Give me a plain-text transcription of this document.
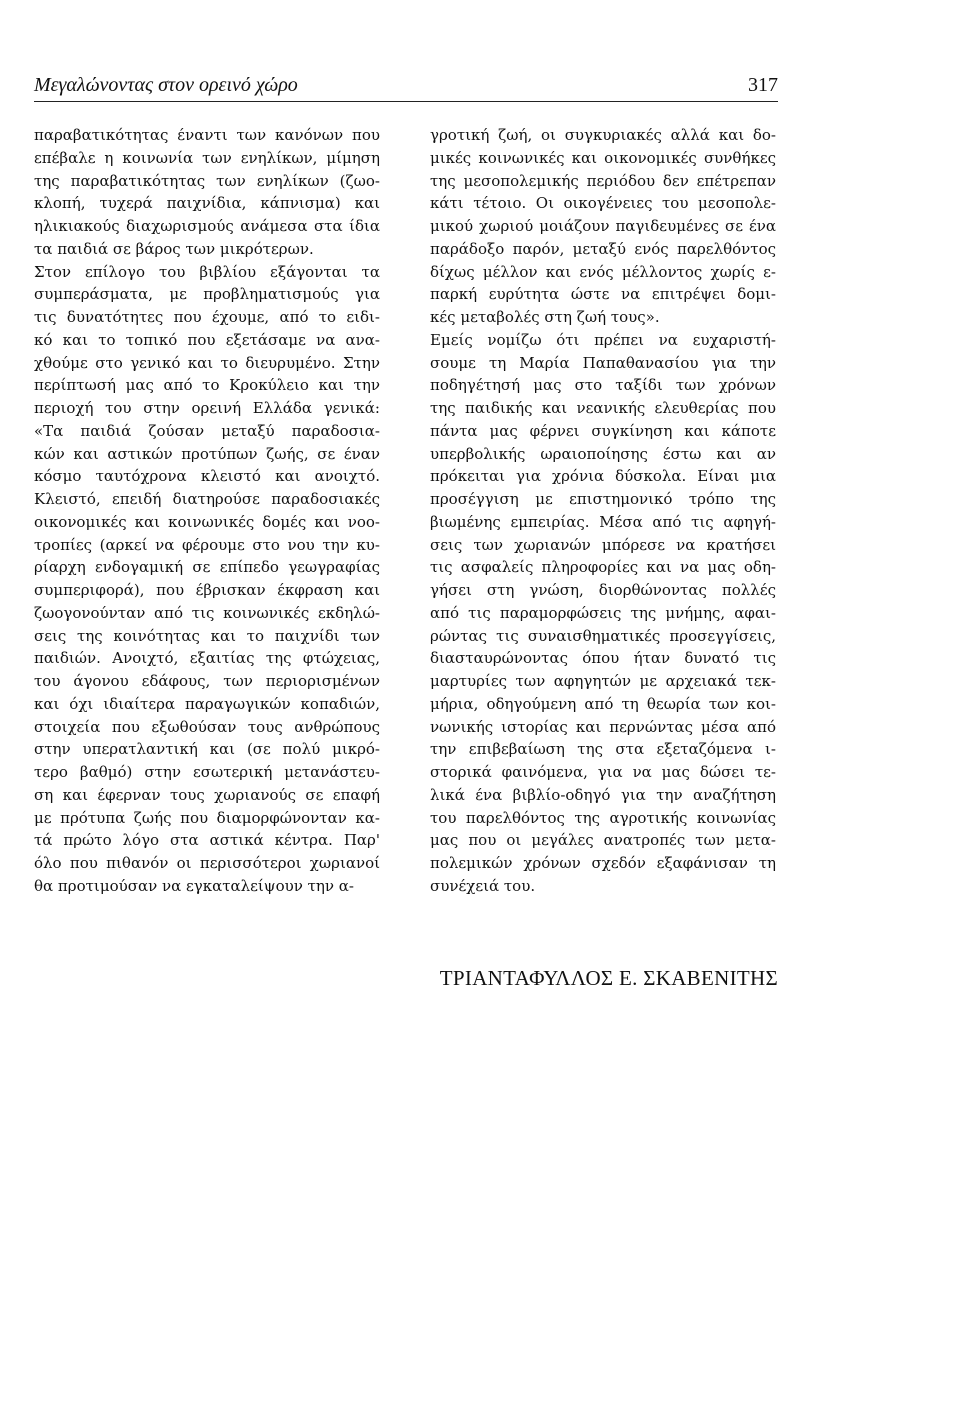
Μεγαλώνοντας στον ορεινό χώρο	317
παραβατικότητας έναντι των κανόνων που
επέβαλε η κοινωνία των ενηλίκων, μίμηση
της παραβατικότητας των ενηλίκων (ζωο-
κλοπή, τυχερά παιχνίδια, κάπνισμα) και
ηλικιακούς διαχωρισμούς ανάμεσα στα ίδια
τα παιδιά σε βάρος των μικρότερων.
Στον επίλογο του βιβλίου εξάγονται τα
συμπεράσματα, με προβληματισμούς για
τις δυνατότητες που έχουμε, από το ειδι-
κό και το τοπικό που εξετάσαμε να ανα-
χθούμε στο γενικό και το διευρυμένο. Στην
περίπτωσή μας από το Κροκύλειο και την
περιοχή του στην ορεινή Ελλάδα γενικά:
«Τα παιδιά ζούσαν μεταξύ παραδοσια-
κών και αστικών προτύπων ζωής, σε έναν
κόσμο ταυτόχρονα κλειστό και ανοιχτό.
Κλειστό, επειδή διατηρούσε παραδοσιακές
οικονομικές και κοινωνικές δομές και νοο-
τροπίες (αρκεί να φέρουμε στο νου την κυ-
ρίαρχη ενδογαμική σε επίπεδο γεωγραφίας
συμπεριφορά), που έβρισκαν έκφραση και
ζωογονούνταν από τις κοινωνικές εκδηλώ-
σεις της κοινότητας και το παιχνίδι των
παιδιών. Ανοιχτό, εξαιτίας της φτώχειας,
του άγονου εδάφους, των περιορισμένων
και όχι ιδιαίτερα παραγωγικών κοπαδιών,
στοιχεία που εξωθούσαν τους ανθρώπους
στην υπερατλαντική και (σε πολύ μικρό-
τερο βαθμό) στην εσωτερική μετανάστευ-
ση και έφερναν τους χωριανούς σε επαφή
με πρότυπα ζωής που διαμορφώνονταν κα-
τά πρώτο λόγο στα αστικά κέντρα. Παρ'
όλο που πιθανόν οι περισσότεροι χωριανοί
θα προτιμούσαν να εγκαταλείψουν την α-
γροτική ζωή, οι συγκυριακές αλλά και δο-
μικές κοινωνικές και οικονομικές συνθήκες
της μεσοπολεμικής περιόδου δεν επέτρεπαν
κάτι τέτοιο. Οι οικογένειες του μεσοπολε-
μικού χωριού μοιάζουν παγιδευμένες σε ένα
παράδοξο παρόν, μεταξύ ενός παρελθόντος
δίχως μέλλον και ενός μέλλοντος χωρίς ε-
παρκή ευρύτητα ώστε να επιτρέψει δομι-
κές μεταβολές στη ζωή τους».
Εμείς νομίζω ότι πρέπει να ευχαριστή-
σουμε τη Μαρία Παπαθανασίου για την
ποδηγέτησή μας στο ταξίδι των χρόνων
της παιδικής και νεανικής ελευθερίας που
πάντα μας φέρνει συγκίνηση και κάποτε
υπερβολικής ωραιοποίησης έστω και αν
πρόκειται για χρόνια δύσκολα. Είναι μια
προσέγγιση με επιστημονικό τρόπο της
βιωμένης εμπειρίας. Μέσα από τις αφηγή-
σεις των χωριανών μπόρεσε να κρατήσει
τις ασφαλείς πληροφορίες και να μας οδη-
γήσει στη γνώση, διορθώνοντας πολλές
από τις παραμορφώσεις της μνήμης, αφαι-
ρώντας τις συναισθηματικές προσεγγίσεις,
διασταυρώνοντας όπου ήταν δυνατό τις
μαρτυρίες των αφηγητών με αρχειακά τεκ-
μήρια, οδηγούμενη από τη θεωρία των κοι-
νωνικής ιστορίας και περνώντας μέσα από
την επιβεβαίωση της στα εξεταζόμενα ι-
στορικά φαινόμενα, για να μας δώσει τε-
λικά ένα βιβλίο-οδηγό για την αναζήτηση
του παρελθόντος της αγροτικής κοινωνίας
μας που οι μεγάλες ανατροπές των μετα-
πολεμικών χρόνων σχεδόν εξαφάνισαν τη
συνέχειά του.
ΤΡΙΑΝΤΑΦΥΛΛΟΣ Ε. ΣΚΑΒΕΝΙΤΗΣ
